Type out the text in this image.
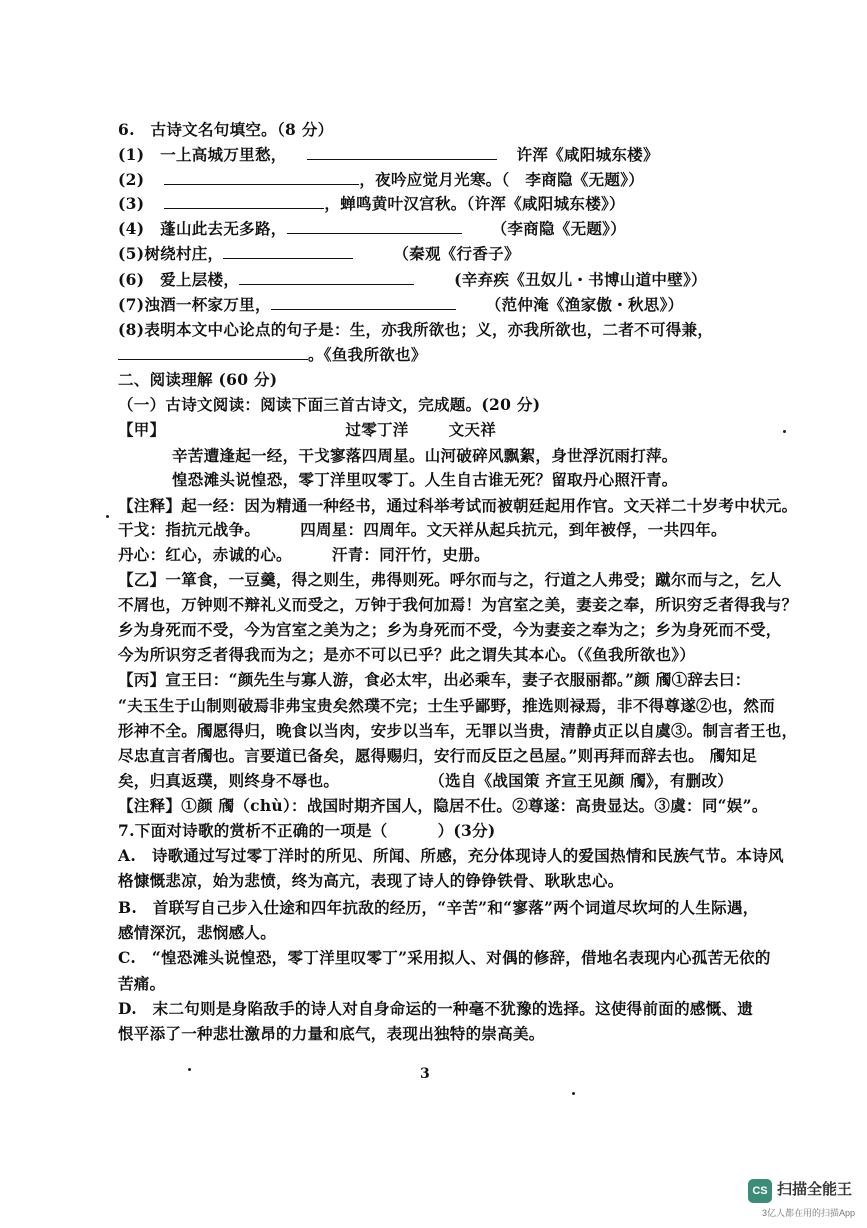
6.　古诗文名句填空。（8 分）
(1)　一上高城万里愁，	许浑《咸阳城东楼》
(2)	，夜吟应觉月光寒。（　李商隐《无题》）
(3)	，蝉鸣黄叶汉宫秋。（许浑《咸阳城东楼》）
(4)　蓬山此去无多路，	（李商隐《无题》）
(5)树绕村庄，	（秦观《行香子》
(6)　爱上层楼，	(辛弃疾《丑奴儿・书博山道中壁》）
(7)浊酒一杯家万里，	（范仲淹《渔家傲・秋思》）
(8)表明本文中心论点的句子是：生，亦我所欲也；义，亦我所欲也，二者不可得兼，
。《鱼我所欲也》
二、阅读理解 (60 分)
（一）古诗文阅读：阅读下面三首古诗文，完成题。(20 分)
【甲】	过零丁洋	文天祥
辛苦遭逢起一经，干戈寥落四周星。山河破碎风飘絮，身世浮沉雨打萍。
惶恐滩头说惶恐，零丁洋里叹零丁。人生自古谁无死？留取丹心照汗青。
【注释】起一经：因为精通一种经书，通过科举考试而被朝廷起用作官。文天祥二十岁考中状元。
干戈：指抗元战争。	四周星：四周年。文天祥从起兵抗元，到年被俘，一共四年。
丹心：红心，赤诚的心。	汗青：同汗竹，史册。
【乙】一箪食，一豆羹，得之则生，弗得则死。呼尔而与之，行道之人弗受；蹴尔而与之，乞人
不屑也，万钟则不辩礼义而受之，万钟于我何加焉！为宫室之美，妻妾之奉，所识穷乏者得我与？
乡为身死而不受，今为宫室之美为之；乡为身死而不受，今为妻妾之奉为之；乡为身死而不受，
今为所识穷乏者得我而为之；是亦不可以已乎？此之谓失其本心。（《鱼我所欲也》）
【丙】宣王曰：“颜先生与寡人游，食必太牢，出必乘车，妻子衣服丽都。”颜 斶①辞去曰：
“夫玉生于山制则破焉非弗宝贵矣然璞不完；士生乎鄙野，推选则禄焉，非不得尊遂②也，然而
形神不全。斶愿得归，晚食以当肉，安步以当车，无罪以当贵，清静贞正以自虞③。制言者王也，
尽忠直言者斶也。言要道已备矣，愿得赐归，安行而反臣之邑屋。”则再拜而辞去也。 斶知足
矣，归真返璞，则终身不辱也。	（选自《战国策 齐宣王见颜 斶》，有删改）
【注释】①颜 斶（chù）：战国时期齐国人，隐居不仕。②尊遂：高贵显达。③虞：同“娱”。
7.下面对诗歌的赏析不正确的一项是（	）(3分)
A.　诗歌通过写过零丁洋时的所见、所闻、所感，充分体现诗人的爱国热情和民族气节。本诗风
格慷慨悲凉，始为悲愤，终为高亢，表现了诗人的铮铮铁骨、耿耿忠心。
B.　首联写自己步入仕途和四年抗敌的经历，“辛苦”和“寥落”两个词道尽坎坷的人生际遇，
感情深沉，悲悯感人。
C.　“惶恐滩头说惶恐，零丁洋里叹零丁”采用拟人、对偶的修辞，借地名表现内心孤苦无依的
苦痛。
D.　末二句则是身陷敌手的诗人对自身命运的一种毫不犹豫的选择。这使得前面的感慨、遗
恨平添了一种悲壮激昂的力量和底气，表现出独特的崇高美。
3
CS 扫描全能王
3亿人都在用的扫描App
